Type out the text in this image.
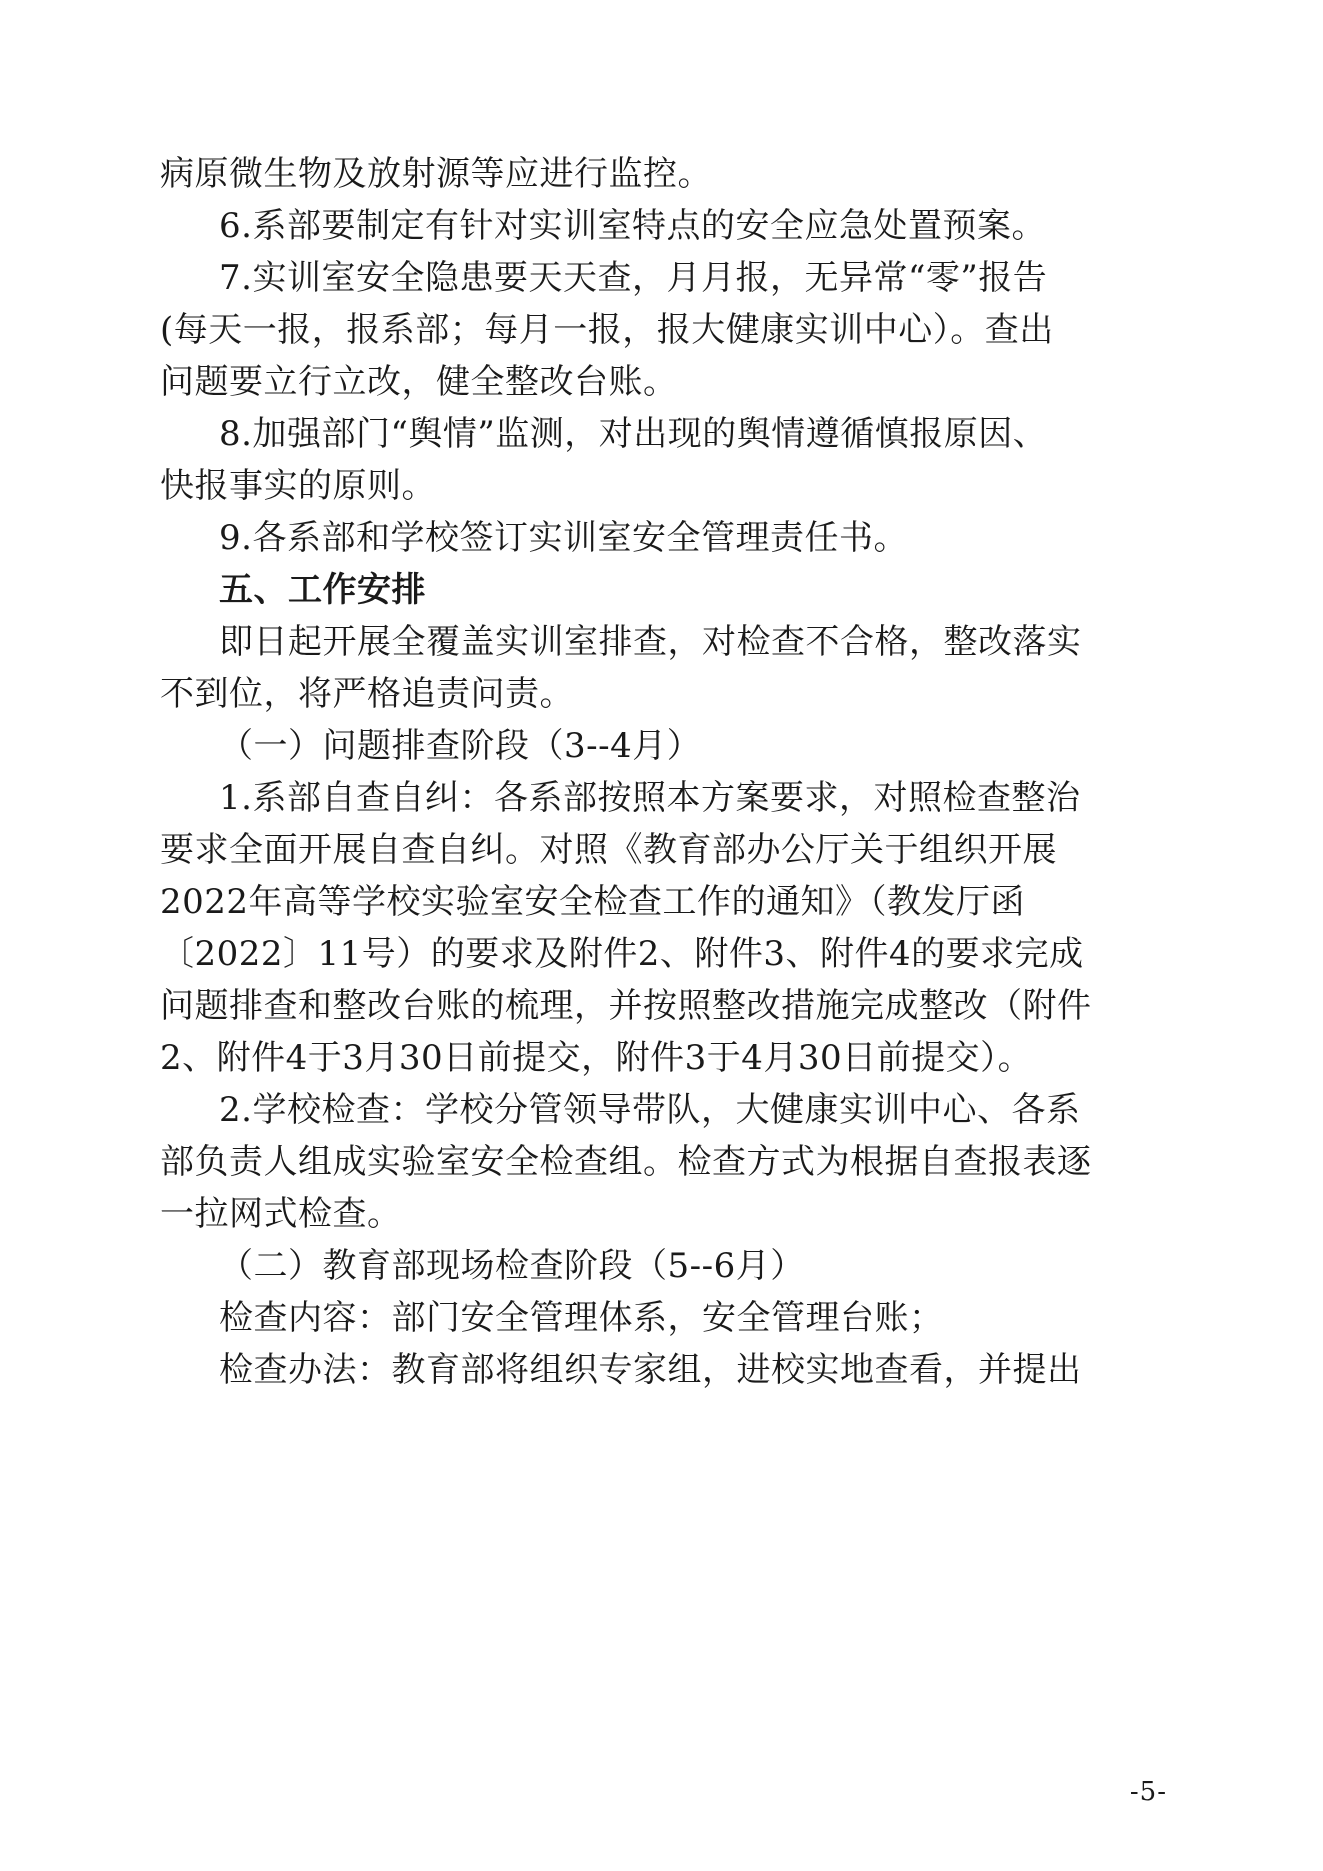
病原微生物及放射源等应进行监控。
6.系部要制定有针对实训室特点的安全应急处置预案。
7.实训室安全隐患要天天查，月月报，无异常“零”报告
(每天一报，报系部；每月一报，报大健康实训中心）。查出
问题要立行立改，健全整改台账。
8.加强部门“舆情”监测，对出现的舆情遵循慎报原因、
快报事实的原则。
9.各系部和学校签订实训室安全管理责任书。
五、工作安排
即日起开展全覆盖实训室排查，对检查不合格，整改落实
不到位，将严格追责问责。
（一）问题排查阶段（3--4月）
1.系部自查自纠：各系部按照本方案要求，对照检查整治
要求全面开展自查自纠。对照《教育部办公厅关于组织开展
2022年高等学校实验室安全检查工作的通知》（教发厅函
〔2022〕11号）的要求及附件2、附件3、附件4的要求完成
问题排查和整改台账的梳理，并按照整改措施完成整改（附件
2、附件4于3月30日前提交，附件3于4月30日前提交）。
2.学校检查：学校分管领导带队，大健康实训中心、各系
部负责人组成实验室安全检查组。检查方式为根据自查报表逐
一拉网式检查。
（二）教育部现场检查阶段（5--6月）
检查内容：部门安全管理体系，安全管理台账；
检查办法：教育部将组织专家组，进校实地查看，并提出
-5-
